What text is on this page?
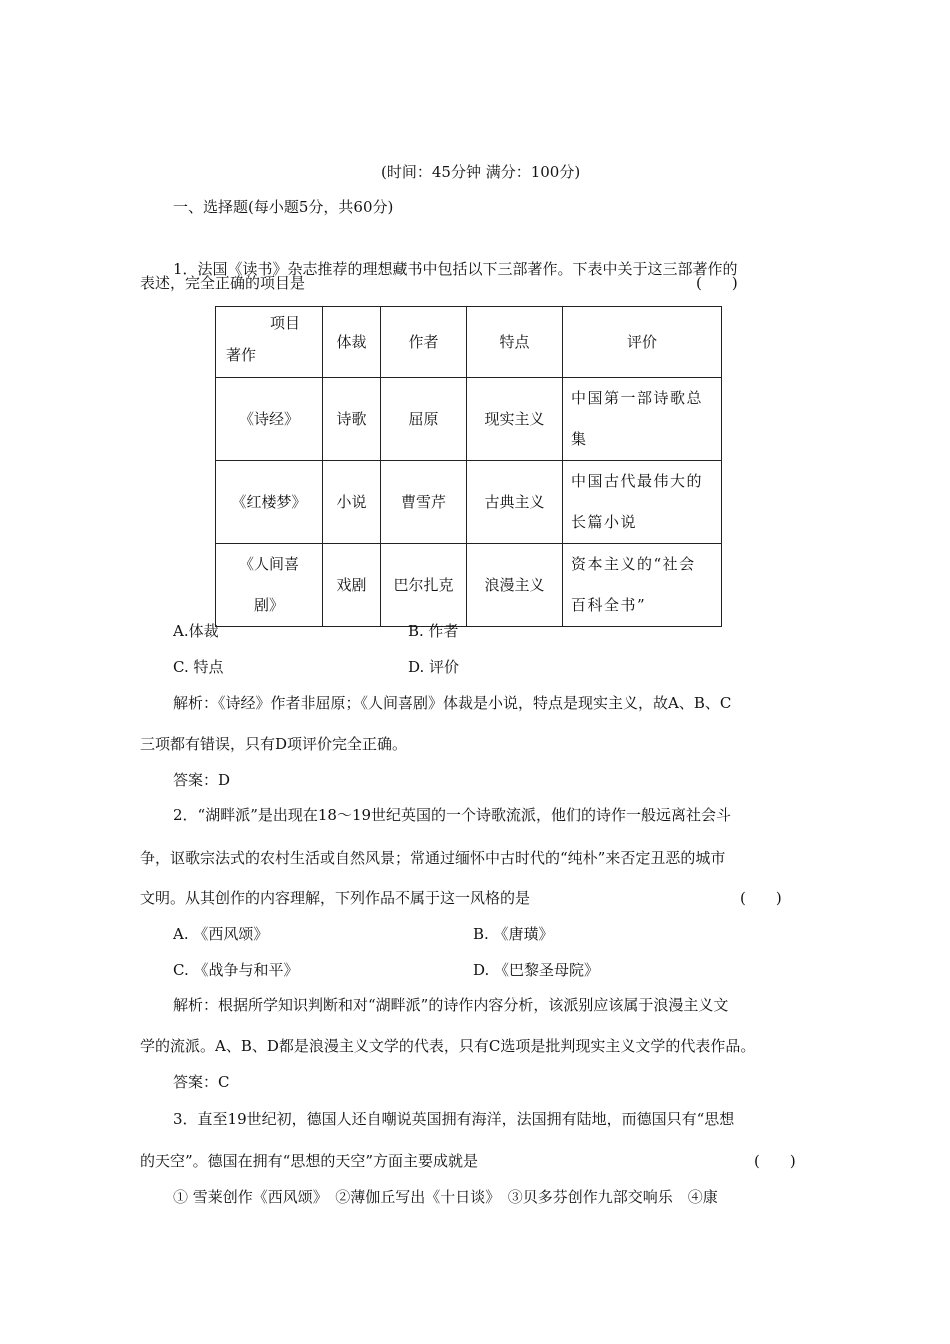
(时间：45分钟 满分：100分)
一、选择题(每小题5分，共60分)
1．法国《读书》杂志推荐的理想藏书中包括以下三部著作。下表中关于这三部著作的
表述，完全正确的项目是	(　　)
项目
著作	体裁	作者	特点	评价
《诗经》	诗歌	屈原	现实主义	中国第一部诗歌总
集
《红楼梦》	小说	曹雪芹	古典主义	中国古代最伟大的
长篇小说
《人间喜
剧》	戏剧	巴尔扎克	浪漫主义	资本主义的“社会
百科全书”
A.体裁	B. 作者
C. 特点	D. 评价
解析：《诗经》作者非屈原；《人间喜剧》体裁是小说，特点是现实主义，故A、B、C
三项都有错误，只有D项评价完全正确。
答案：D
2．“湖畔派”是出现在18～19世纪英国的一个诗歌流派，他们的诗作一般远离社会斗
争，讴歌宗法式的农村生活或自然风景；常通过缅怀中古时代的“纯朴”来否定丑恶的城市
文明。从其创作的内容理解，下列作品不属于这一风格的是	(　　)
A. 《西风颂》	B. 《唐璜》
C. 《战争与和平》	D. 《巴黎圣母院》
解析：根据所学知识判断和对“湖畔派”的诗作内容分析，该派别应该属于浪漫主义文
学的流派。A、B、D都是浪漫主义文学的代表，只有C选项是批判现实主义文学的代表作品。
答案：C
3．直至19世纪初，德国人还自嘲说英国拥有海洋，法国拥有陆地，而德国只有“思想
的天空”。德国在拥有“思想的天空”方面主要成就是	(　　)
① 雪莱创作《西风颂》　②薄伽丘写出《十日谈》　③贝多芬创作九部交响乐　④康
